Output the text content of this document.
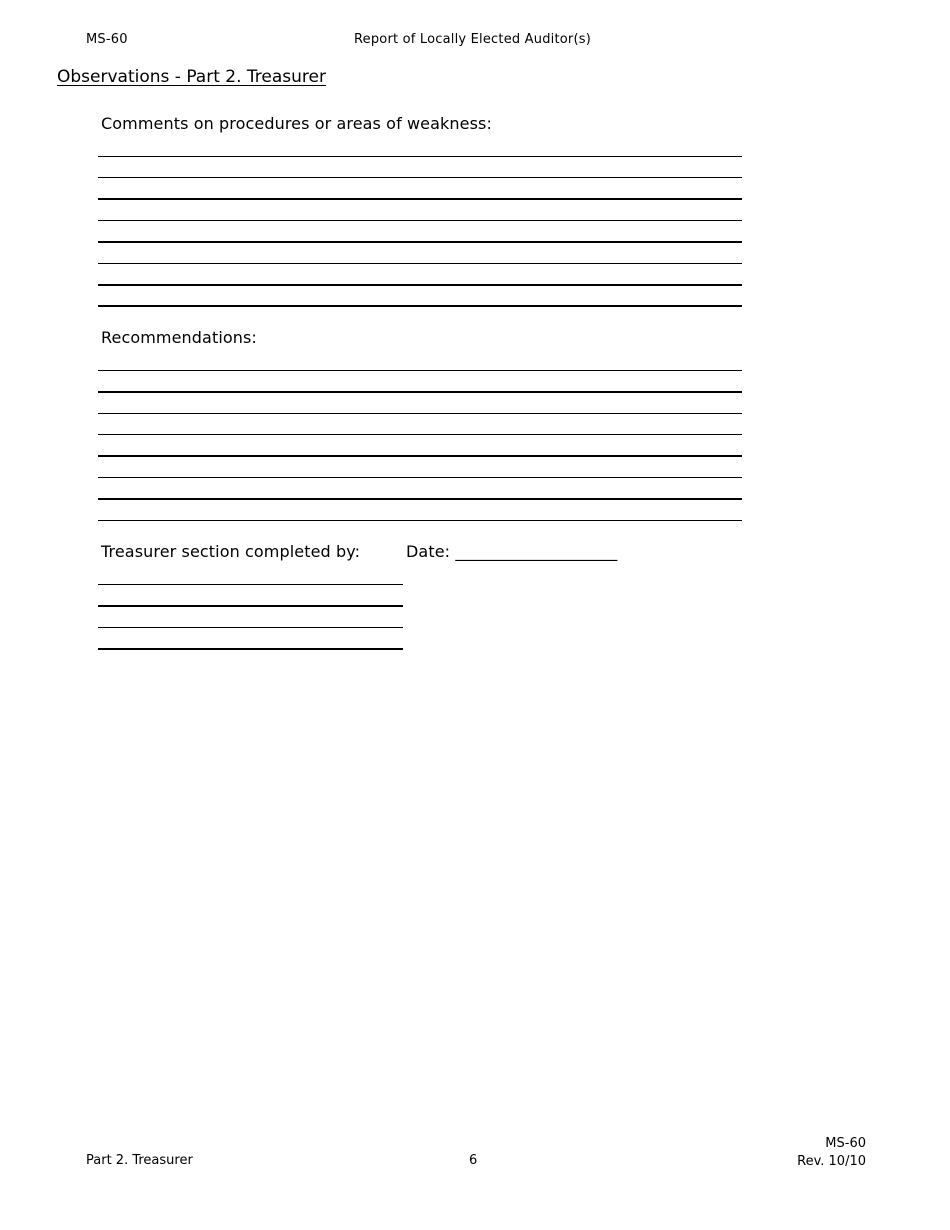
MS-60	Report of Locally Elected Auditor(s)
Observations - Part 2. Treasurer
Comments on procedures or areas of weakness:
Recommendations:
Treasurer section completed by:	Date: ____________________
Part 2. Treasurer	6
MS-60
Rev. 10/10
